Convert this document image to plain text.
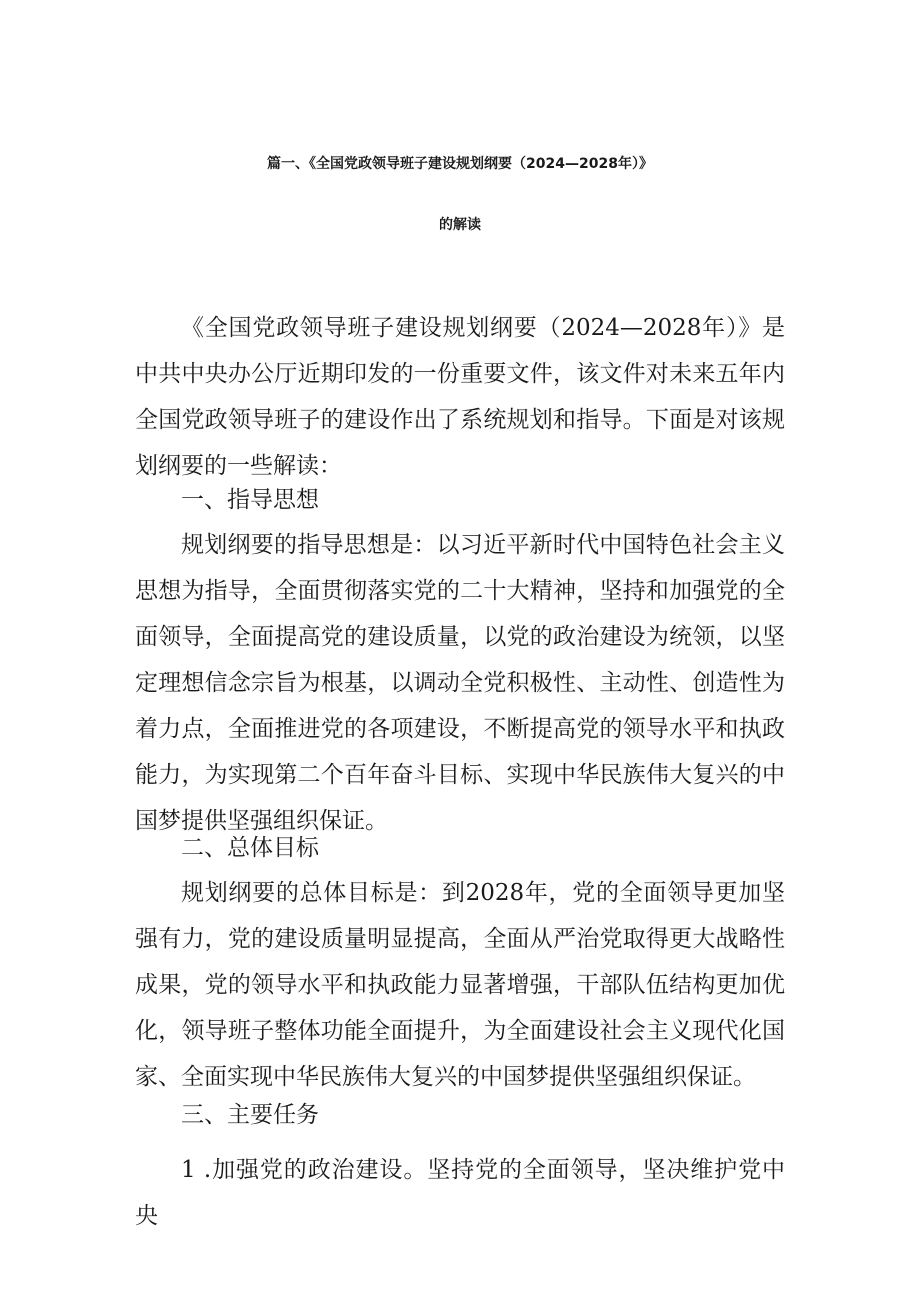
篇一、《全国党政领导班子建设规划纲要（2024—2028年）》
的解读

《全国党政领导班子建设规划纲要（2024—2028年）》是中共中央办公厅近期印发的一份重要文件，该文件对未来五年内全国党政领导班子的建设作出了系统规划和指导。下面是对该规划纲要的一些解读：

一、指导思想

规划纲要的指导思想是：以习近平新时代中国特色社会主义思想为指导，全面贯彻落实党的二十大精神，坚持和加强党的全面领导，全面提高党的建设质量，以党的政治建设为统领，以坚定理想信念宗旨为根基，以调动全党积极性、主动性、创造性为着力点，全面推进党的各项建设，不断提高党的领导水平和执政能力，为实现第二个百年奋斗目标、实现中华民族伟大复兴的中国梦提供坚强组织保证。

二、总体目标

规划纲要的总体目标是：到2028年，党的全面领导更加坚强有力，党的建设质量明显提高，全面从严治党取得更大战略性成果，党的领导水平和执政能力显著增强，干部队伍结构更加优化，领导班子整体功能全面提升，为全面建设社会主义现代化国家、全面实现中华民族伟大复兴的中国梦提供坚强组织保证。

三、主要任务

1 .加强党的政治建设。坚持党的全面领导，坚决维护党中央
